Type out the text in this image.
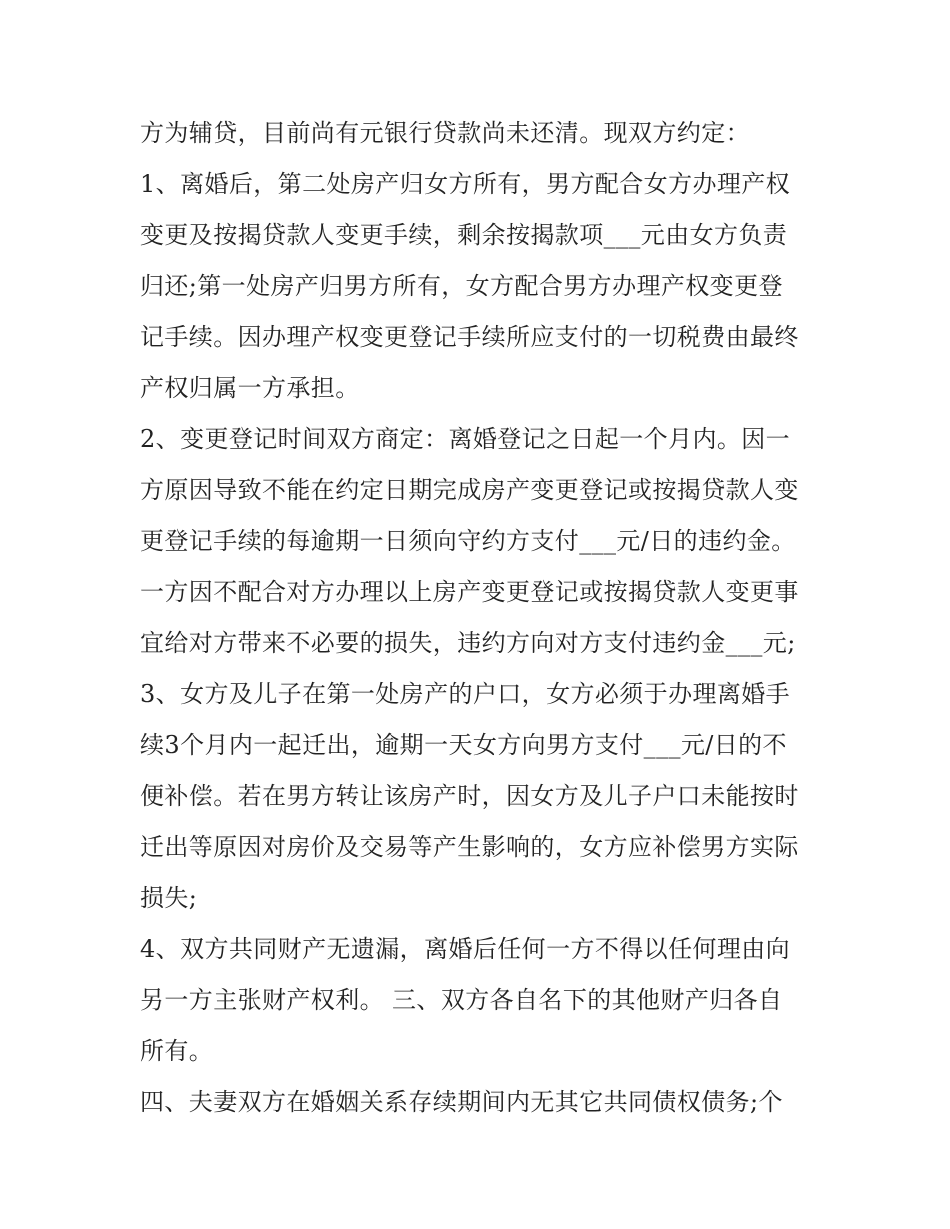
方为辅贷，目前尚有元银行贷款尚未还清。现双方约定：
1、离婚后，第二处房产归女方所有，男方配合女方办理产权
变更及按揭贷款人变更手续，剩余按揭款项___元由女方负责
归还;第一处房产归男方所有，女方配合男方办理产权变更登
记手续。因办理产权变更登记手续所应支付的一切税费由最终
产权归属一方承担。
2、变更登记时间双方商定：离婚登记之日起一个月内。因一
方原因导致不能在约定日期完成房产变更登记或按揭贷款人变
更登记手续的每逾期一日须向守约方支付___元/日的违约金。
一方因不配合对方办理以上房产变更登记或按揭贷款人变更事
宜给对方带来不必要的损失，违约方向对方支付违约金___元;
3、女方及儿子在第一处房产的户口，女方必须于办理离婚手
续3个月内一起迁出，逾期一天女方向男方支付___元/日的不
便补偿。若在男方转让该房产时，因女方及儿子户口未能按时
迁出等原因对房价及交易等产生影响的，女方应补偿男方实际
损失;
4、双方共同财产无遗漏，离婚后任何一方不得以任何理由向
另一方主张财产权利。 三、双方各自名下的其他财产归各自
所有。
四、夫妻双方在婚姻关系存续期间内无其它共同债权债务;个
